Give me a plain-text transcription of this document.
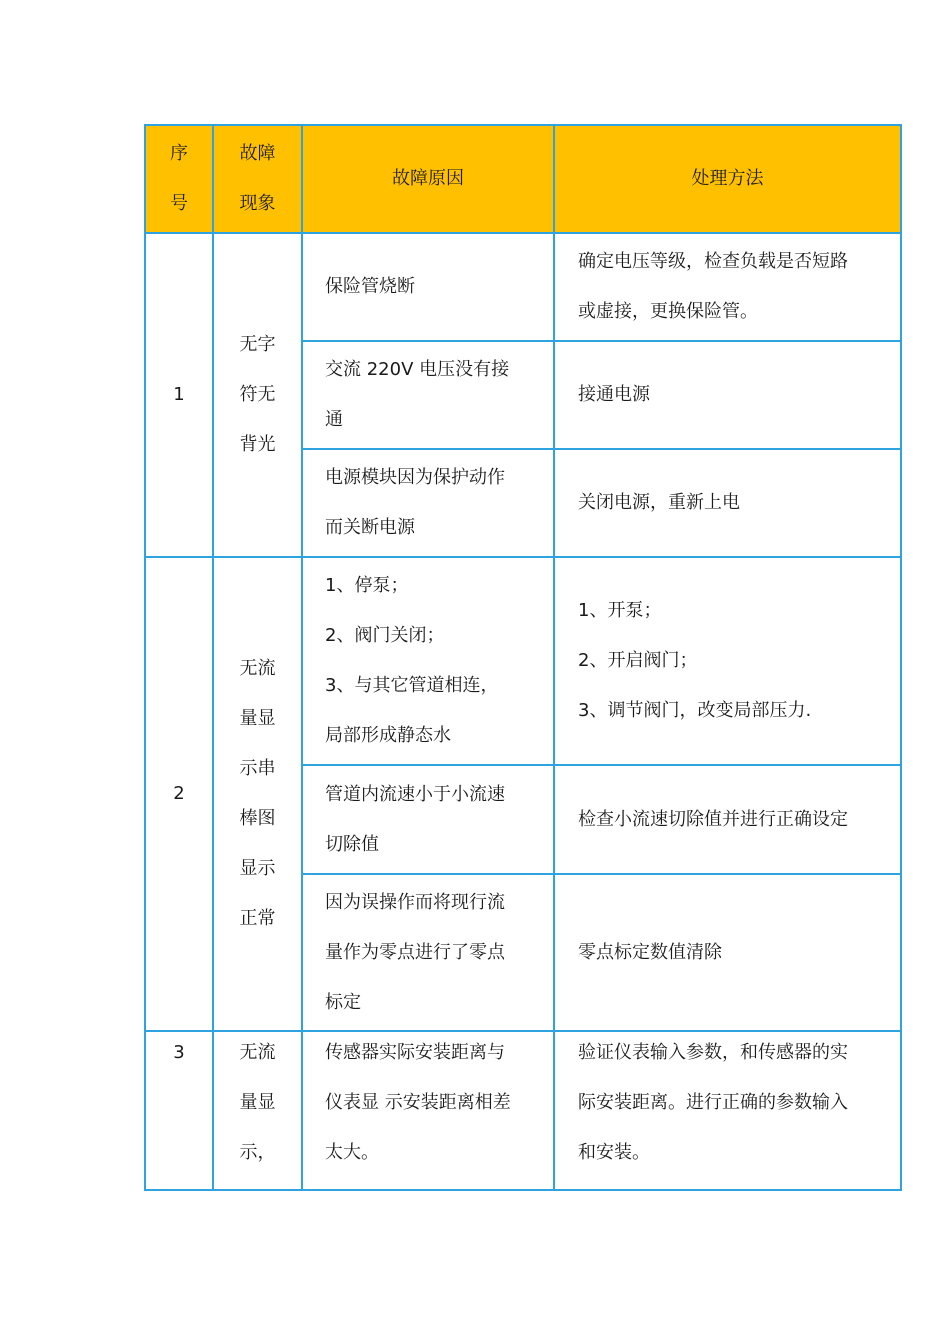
序
号
故障
现象
故障原因	处理方法
1
无字
符无
背光
保险管烧断
确定电压等级，检查负载是否短路
或虚接，更换保险管。
交流 220V 电压没有接
通
接通电源
电源模块因为保护动作
而关断电源
关闭电源，重新上电
2
无流
量显
示串
棒图
显示
正常
1、停泵；
2、阀门关闭；
3、与其它管道相连，
局部形成静态水
1、开泵；
2、开启阀门；
3、调节阀门，改变局部压力.
管道内流速小于小流速
切除值
检查小流速切除值并进行正确设定
因为误操作而将现行流
量作为零点进行了零点
标定
零点标定数值清除
3	无流
量显
示，
传感器实际安装距离与
仪表显 示安装距离相差
太大。
验证仪表输入参数，和传感器的实
际安装距离。进行正确的参数输入
和安装。
